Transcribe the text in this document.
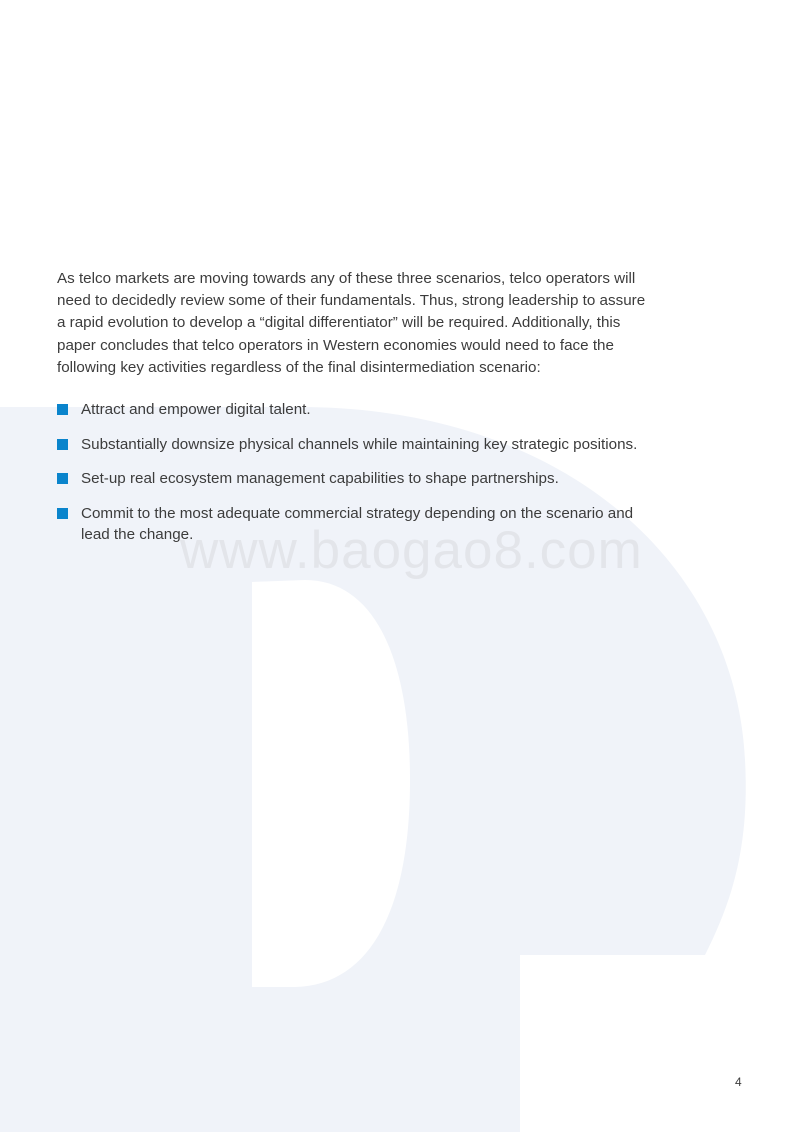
As telco markets are moving towards any of these three scenarios, telco operators will need to decidedly review some of their fundamentals. Thus, strong leadership to assure a rapid evolution to develop a “digital differentiator” will be required. Additionally, this paper concludes that telco operators in Western economies would need to face the following key activities regardless of the final disintermediation scenario:

Attract and empower digital talent.
Substantially downsize physical channels while maintaining key strategic positions.
Set-up real ecosystem management capabilities to shape partnerships.
Commit to the most adequate commercial strategy depending on the scenario and lead the change.
www.baogao8.com
4
